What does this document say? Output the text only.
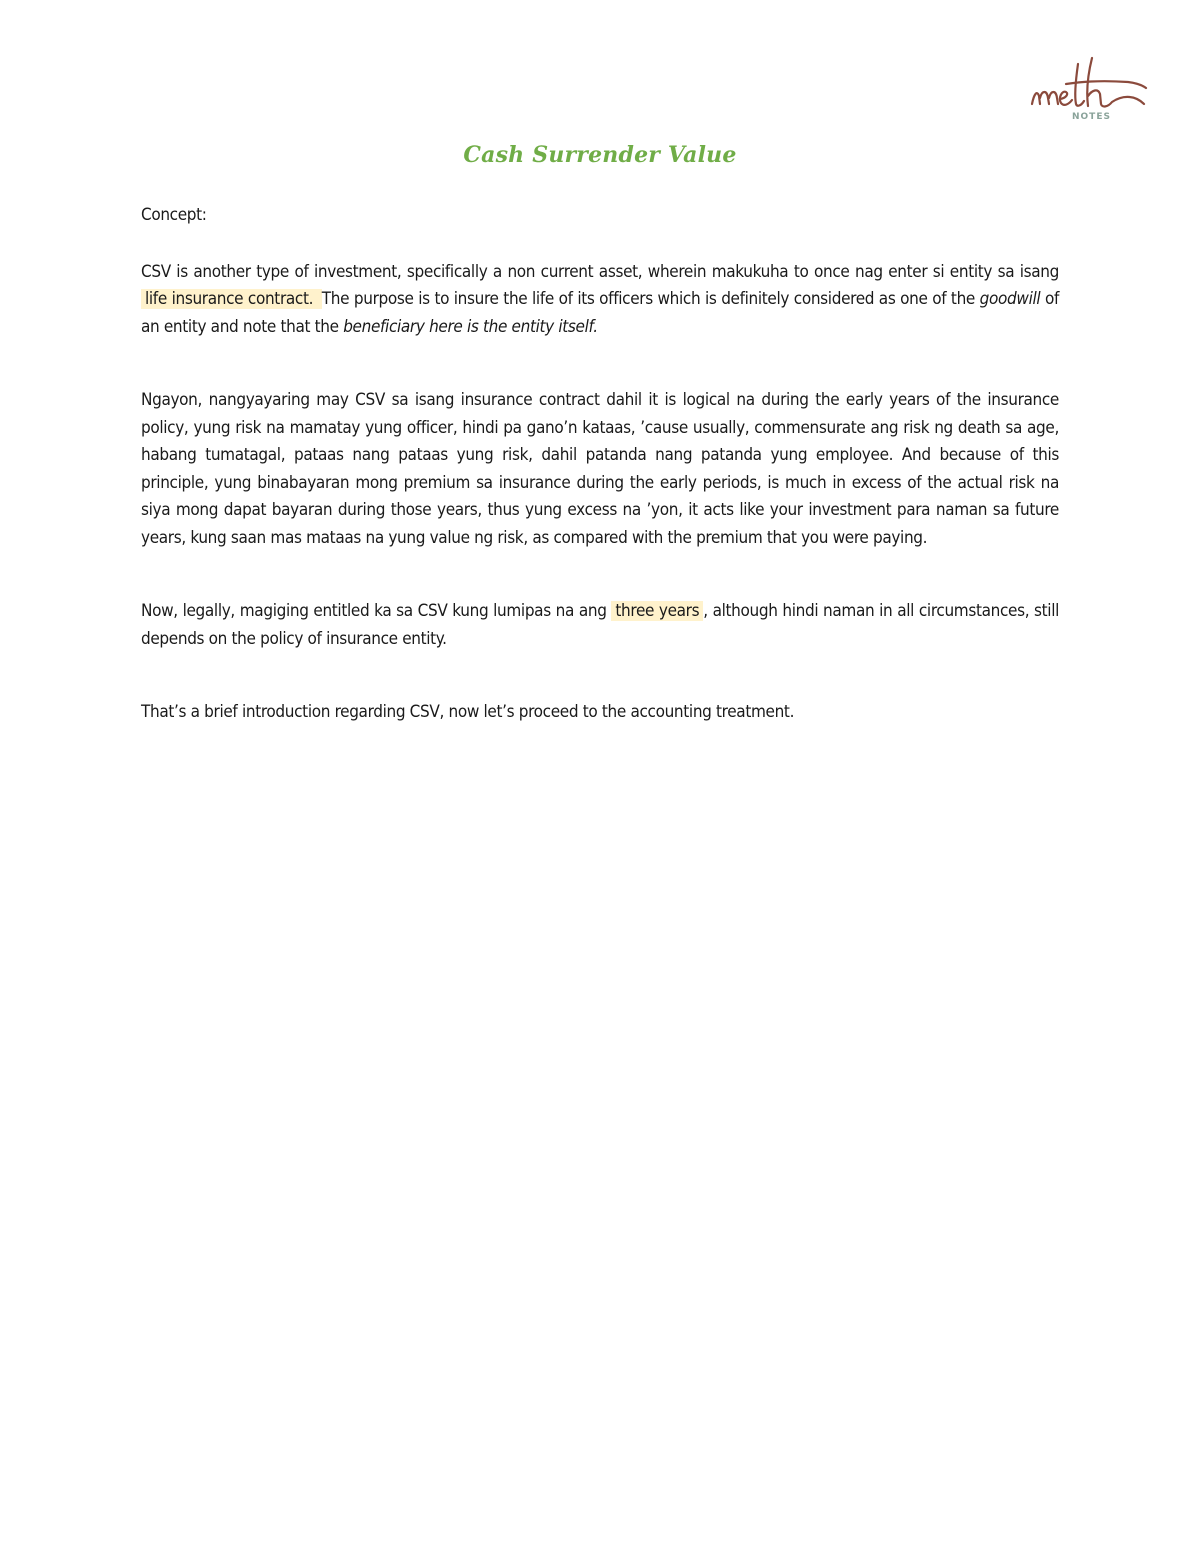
NOTES
Cash Surrender Value

Concept:

CSV is another type of investment, specifically a non current asset, wherein makukuha to once nag enter si entity sa isang life insurance contract. The purpose is to insure the life of its officers which is definitely considered as one of the goodwill of an entity and note that the beneficiary here is the entity itself.

Ngayon, nangyayaring may CSV sa isang insurance contract dahil it is logical na during the early years of the insurance policy, yung risk na mamatay yung officer, hindi pa gano’n kataas, ’cause usually, commensurate ang risk ng death sa age, habang tumatagal, pataas nang pataas yung risk, dahil patanda nang patanda yung employee. And because of this principle, yung binabayaran mong premium sa insurance during the early periods, is much in excess of the actual risk na siya mong dapat bayaran during those years, thus yung excess na ’yon, it acts like your investment para naman sa future years, kung saan mas mataas na yung value ng risk, as compared with the premium that you were paying.

Now, legally, magiging entitled ka sa CSV kung lumipas na ang three years , although hindi naman in all circumstances, still depends on the policy of insurance entity.

That’s a brief introduction regarding CSV, now let’s proceed to the accounting treatment.
